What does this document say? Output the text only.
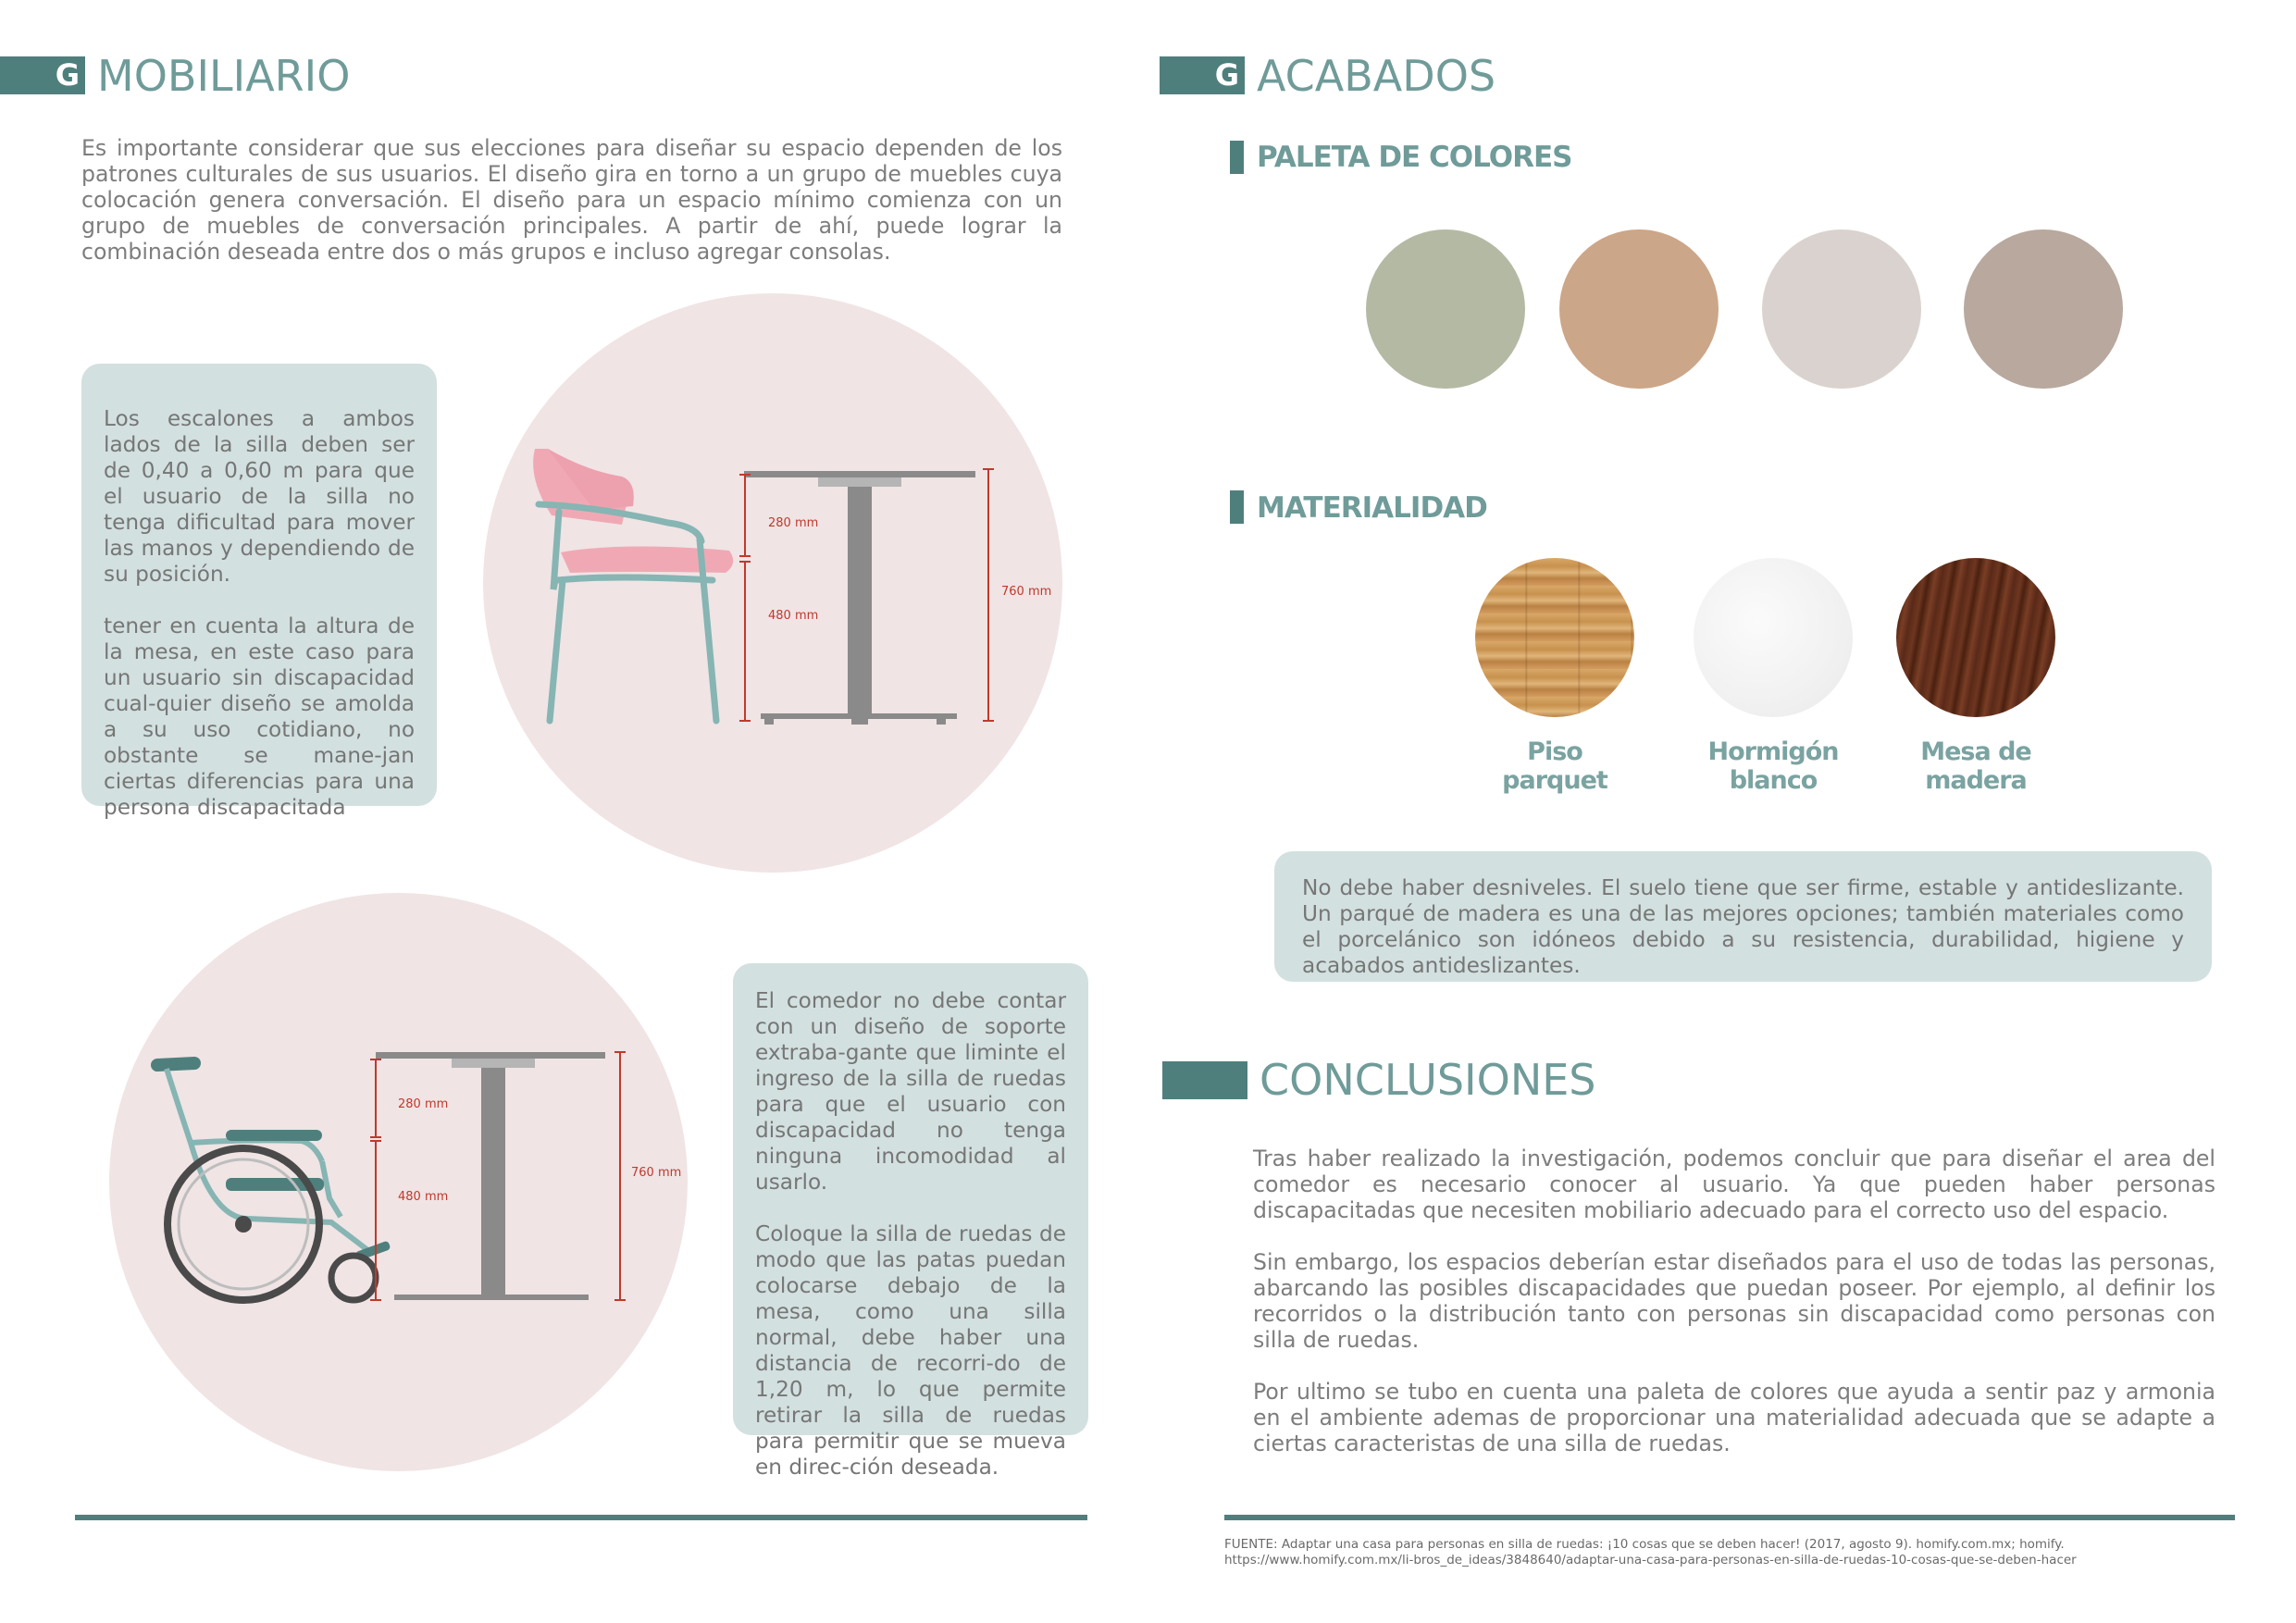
G MOBILIARIO
Es importante considerar que sus elecciones para diseñar su espacio dependen de los patrones culturales de sus usuarios. El diseño gira en torno a un grupo de muebles cuya colocación genera conversación. El diseño para un espacio mínimo comienza con un grupo de muebles de conversación principales. A partir de ahí, puede lograr la combinación deseada entre dos o más grupos e incluso agregar consolas.
Los escalones a ambos lados de la silla deben ser de 0,40 a 0,60 m para que el usuario de la silla no tenga dificultad para mover las manos y dependiendo de su posición.
tener en cuenta la altura de la mesa, en este caso para un usuario sin discapacidad cual-quier diseño se amolda a su uso cotidiano, no obstante se mane-jan ciertas diferencias para una persona discapacitada
280 mm
480 mm
760 mm
280 mm
480 mm
760 mm
El comedor no debe contar con un diseño de soporte extraba-gante que liminte el ingreso de la silla de ruedas para que el usuario con discapacidad no tenga ninguna incomodidad al usarlo.
Coloque la silla de ruedas de modo que las patas puedan colocarse debajo de la mesa, como una silla normal, debe haber una distancia de recorri-do de 1,20 m, lo que permite retirar la silla de ruedas para permitir que se mueva en direc-ción deseada.
G ACABADOS
PALETA DE COLORES
MATERIALIDAD
Piso
parquet
Hormigón
blanco
Mesa de
madera
No debe haber desniveles. El suelo tiene que ser firme, estable y antideslizante. Un parqué de madera es una de las mejores opciones; también materiales como el porcelánico son idóneos debido a su resistencia, durabilidad, higiene y acabados antideslizantes.
CONCLUSIONES
Tras haber realizado la investigación, podemos concluir que para diseñar el area del comedor es necesario conocer al usuario. Ya que pueden haber personas discapacitadas que necesiten mobiliario adecuado para el correcto uso del espacio.
Sin embargo, los espacios deberían estar diseñados para el uso de todas las personas, abarcando las posibles discapacidades que puedan poseer. Por ejemplo, al definir los recorridos o la distribución tanto con personas sin discapacidad como personas con silla de ruedas.
Por ultimo se tubo en cuenta una paleta de colores que ayuda a sentir paz y armonia en el ambiente ademas de proporcionar una materialidad adecuada que se adapte a ciertas caracteristas de una silla de ruedas.
FUENTE: Adaptar una casa para personas en silla de ruedas: ¡10 cosas que se deben hacer! (2017, agosto 9). homify.com.mx; homify. https://www.homify.com.mx/li-bros_de_ideas/3848640/adaptar-una-casa-para-personas-en-silla-de-ruedas-10-cosas-que-se-deben-hacer
